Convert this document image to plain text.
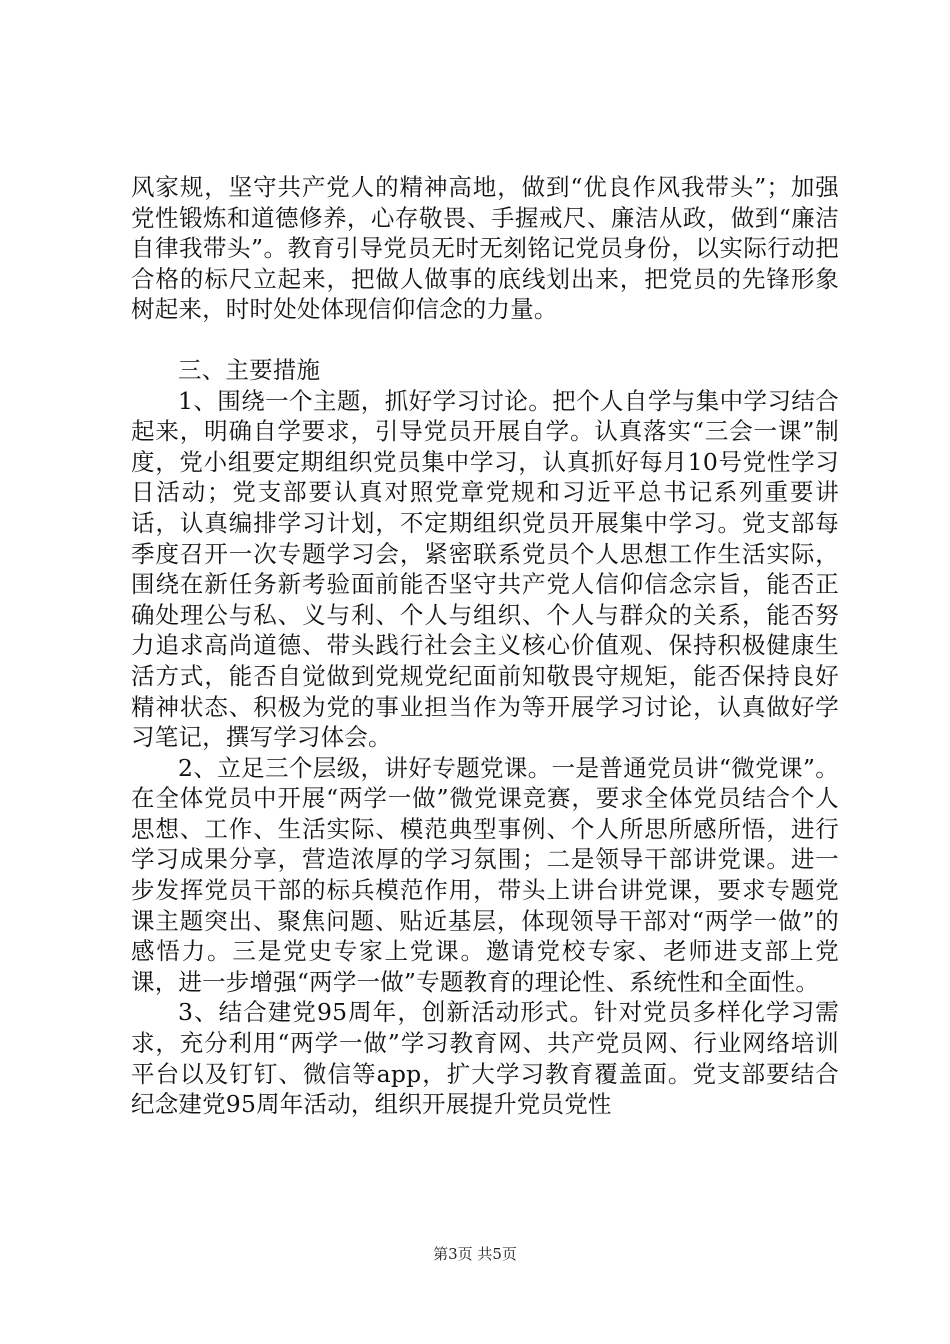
风家规，坚守共产党人的精神高地，做到“优良作风我带头”；加强党性锻炼和道德修养，心存敬畏、手握戒尺、廉洁从政，做到“廉洁自律我带头”。教育引导党员无时无刻铭记党员身份，以实际行动把合格的标尺立起来，把做人做事的底线划出来，把党员的先锋形象树起来，时时处处体现信仰信念的力量。

三、主要措施

1、围绕一个主题，抓好学习讨论。把个人自学与集中学习结合起来，明确自学要求，引导党员开展自学。认真落实“三会一课”制度，党小组要定期组织党员集中学习，认真抓好每月10号党性学习日活动；党支部要认真对照党章党规和习近平总书记系列重要讲话，认真编排学习计划，不定期组织党员开展集中学习。党支部每季度召开一次专题学习会，紧密联系党员个人思想工作生活实际，围绕在新任务新考验面前能否坚守共产党人信仰信念宗旨，能否正确处理公与私、义与利、个人与组织、个人与群众的关系，能否努力追求高尚道德、带头践行社会主义核心价值观、保持积极健康生活方式，能否自觉做到党规党纪面前知敬畏守规矩，能否保持良好精神状态、积极为党的事业担当作为等开展学习讨论，认真做好学习笔记，撰写学习体会。

2、立足三个层级，讲好专题党课。一是普通党员讲“微党课”。在全体党员中开展“两学一做”微党课竞赛，要求全体党员结合个人思想、工作、生活实际、模范典型事例、个人所思所感所悟，进行学习成果分享，营造浓厚的学习氛围；二是领导干部讲党课。进一步发挥党员干部的标兵模范作用，带头上讲台讲党课，要求专题党课主题突出、聚焦问题、贴近基层，体现领导干部对“两学一做”的感悟力。三是党史专家上党课。邀请党校专家、老师进支部上党课，进一步增强“两学一做”专题教育的理论性、系统性和全面性。

3、结合建党95周年，创新活动形式。针对党员多样化学习需求，充分利用“两学一做”学习教育网、共产党员网、行业网络培训平台以及钉钉、微信等app，扩大学习教育覆盖面。党支部要结合纪念建党95周年活动，组织开展提升党员党性

第3页 共5页
